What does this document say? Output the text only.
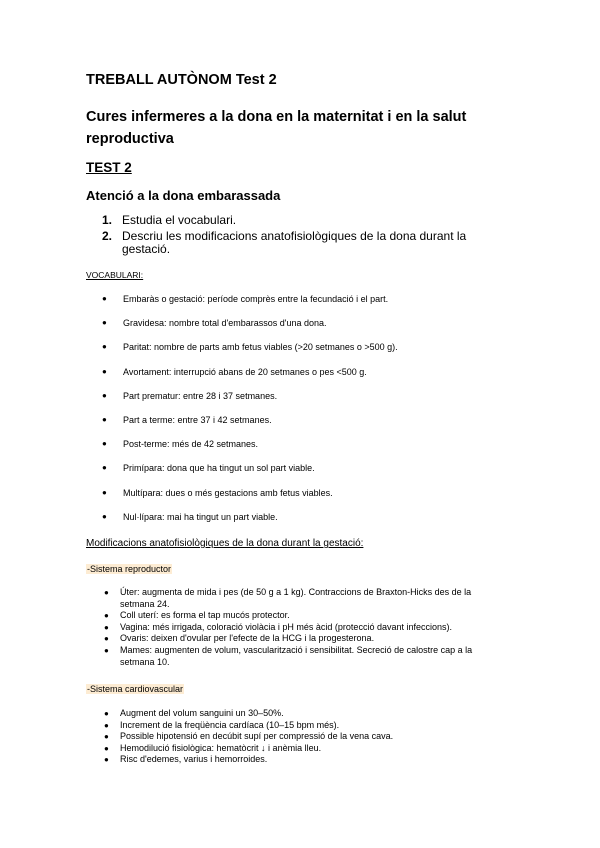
TREBALL AUTÒNOM Test 2
Cures infermeres a la dona en la maternitat i en la salut reproductiva
TEST 2
Atenció a la dona embarassada
1. Estudia el vocabulari.
2. Descriu les modificacions anatofisiològiques de la dona durant la gestació.
VOCABULARI:
● Embaràs o gestació: període comprès entre la fecundació i el part.
● Gravidesa: nombre total d'embarassos d'una dona.
● Paritat: nombre de parts amb fetus viables (>20 setmanes o >500 g).
● Avortament: interrupció abans de 20 setmanes o pes <500 g.
● Part prematur: entre 28 i 37 setmanes.
● Part a terme: entre 37 i 42 setmanes.
● Post-terme: més de 42 setmanes.
● Primípara: dona que ha tingut un sol part viable.
● Multípara: dues o més gestacions amb fetus viables.
● Nul·lípara: mai ha tingut un part viable.
Modificacions anatofisiològiques de la dona durant la gestació:
-Sistema reproductor
● Úter: augmenta de mida i pes (de 50 g a 1 kg). Contraccions de Braxton-Hicks des de la setmana 24.
● Coll uterí: es forma el tap mucós protector.
● Vagina: més irrigada, coloració violàcia i pH més àcid (protecció davant infeccions).
● Ovaris: deixen d'ovular per l'efecte de la HCG i la progesterona.
● Mames: augmenten de volum, vascularització i sensibilitat. Secreció de calostre cap a la setmana 10.
-Sistema cardiovascular
● Augment del volum sanguini un 30–50%.
● Increment de la freqüència cardíaca (10–15 bpm més).
● Possible hipotensió en decúbit supí per compressió de la vena cava.
● Hemodilució fisiològica: hematòcrit ↓ i anèmia lleu.
● Risc d'edemes, varius i hemorroides.
